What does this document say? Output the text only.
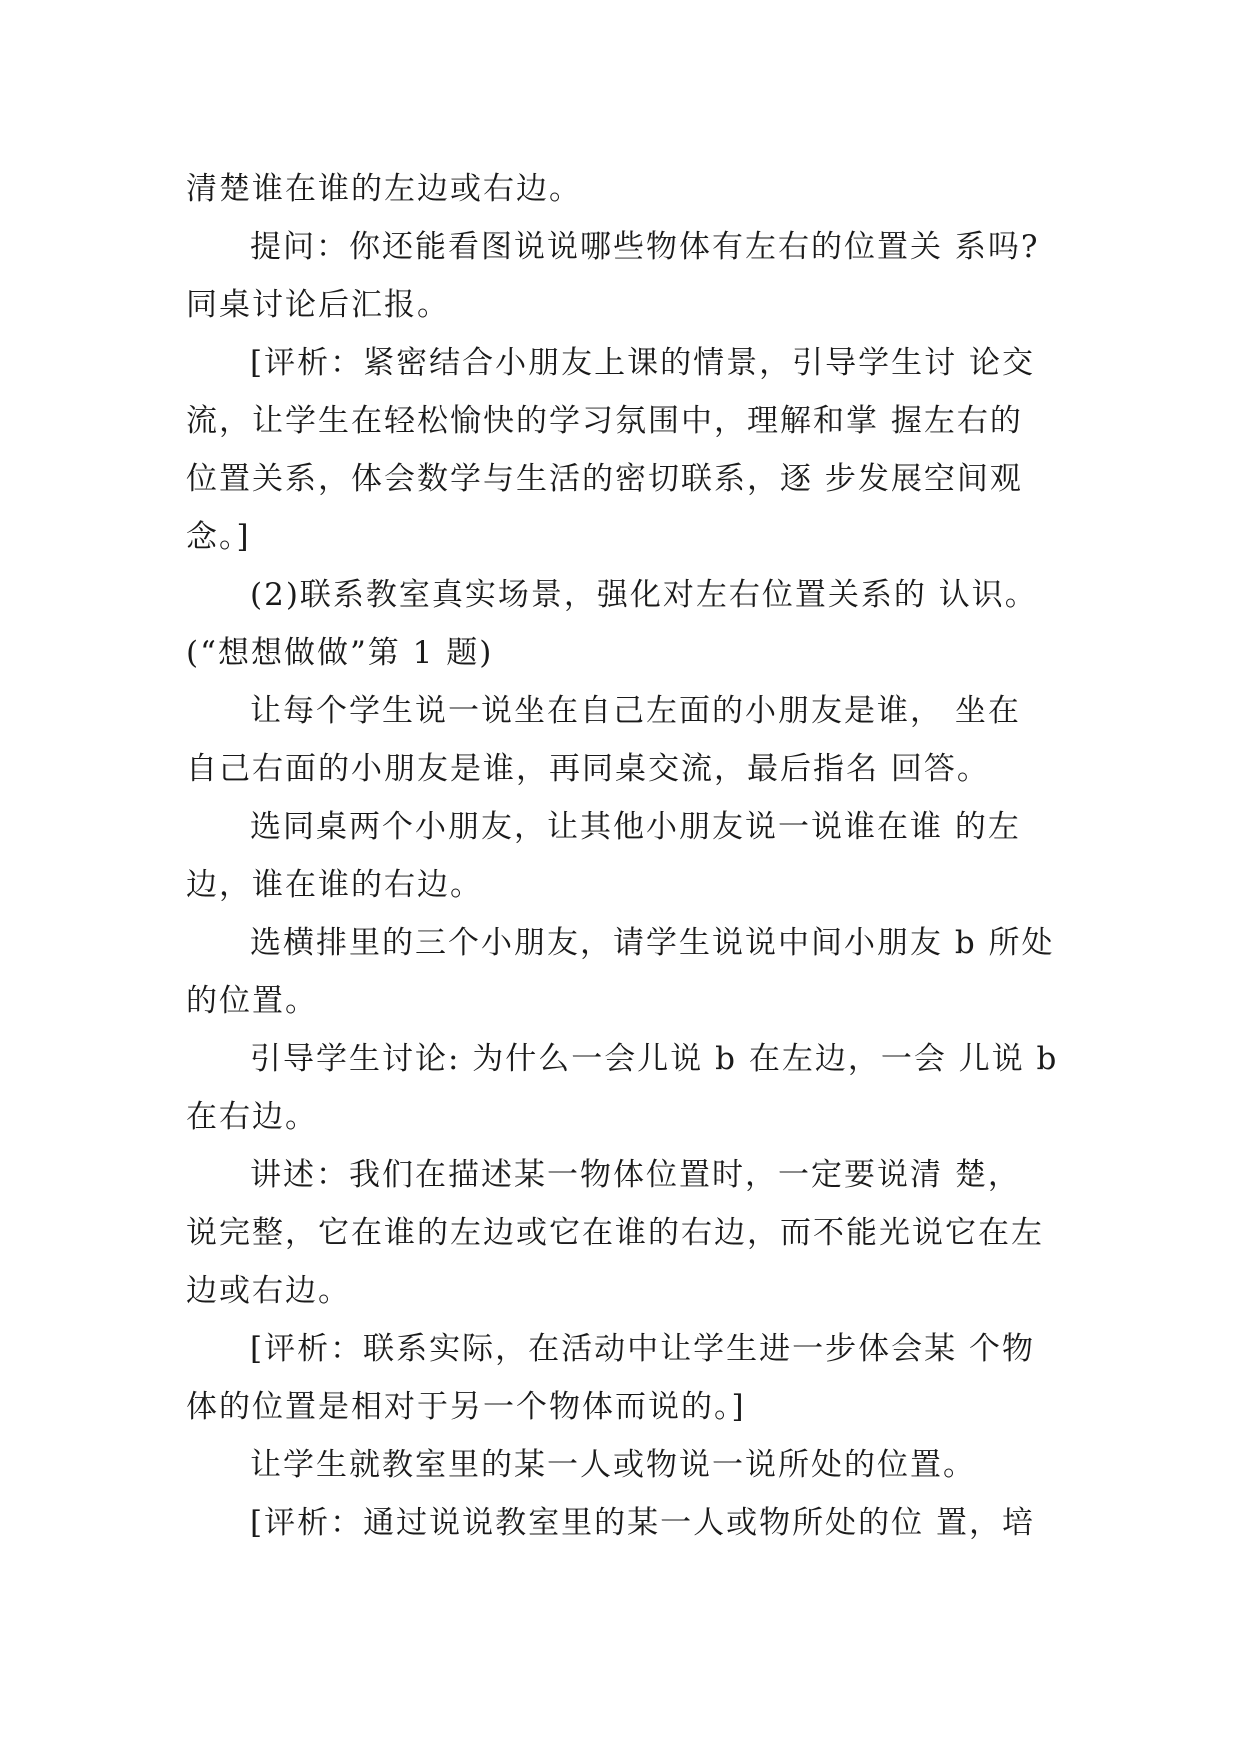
清楚谁在谁的左边或右边。
提问：你还能看图说说哪些物体有左右的位置关 系吗?
同桌讨论后汇报。
[评析：紧密结合小朋友上课的情景，引导学生讨 论交
流，让学生在轻松愉快的学习氛围中，理解和掌 握左右的
位置关系，体会数学与生活的密切联系，逐 步发展空间观
念。]
(2)联系教室真实场景，强化对左右位置关系的 认识。
(“想想做做”第 1 题)
让每个学生说一说坐在自己左面的小朋友是谁， 坐在
自己右面的小朋友是谁，再同桌交流，最后指名 回答。
选同桌两个小朋友，让其他小朋友说一说谁在谁 的左
边，谁在谁的右边。
选横排里的三个小朋友，请学生说说中间小朋友 b 所处
的位置。
引导学生讨论: 为什么一会儿说 b 在左边，一会 儿说 b
在右边。
讲述：我们在描述某一物体位置时，一定要说清 楚，
说完整，它在谁的左边或它在谁的右边，而不能光说它在左
边或右边。
[评析：联系实际，在活动中让学生进一步体会某 个物
体的位置是相对于另一个物体而说的。]
让学生就教室里的某一人或物说一说所处的位置。
[评析：通过说说教室里的某一人或物所处的位 置，培
